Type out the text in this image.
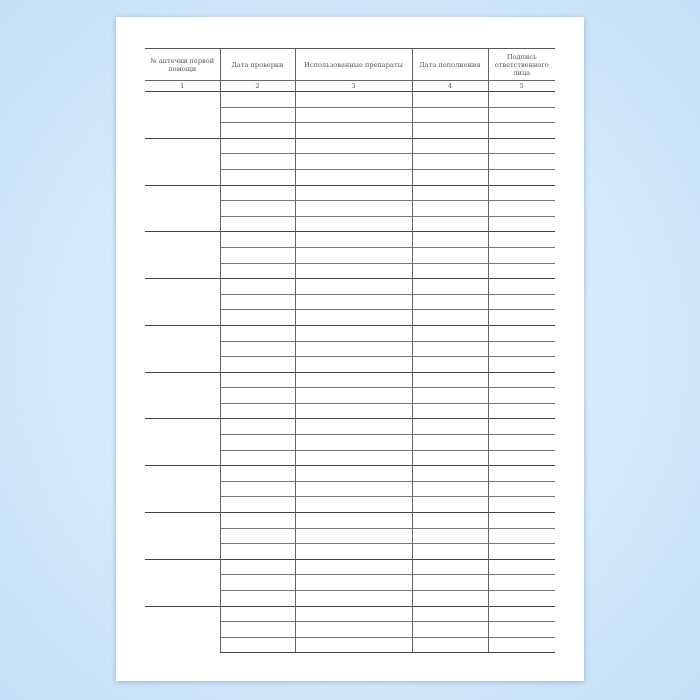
№ аптечки первой помощи	Дата проверки	Использованные препараты	Дата пополнения	Подпись ответственного лица
1	2	3	4	5
